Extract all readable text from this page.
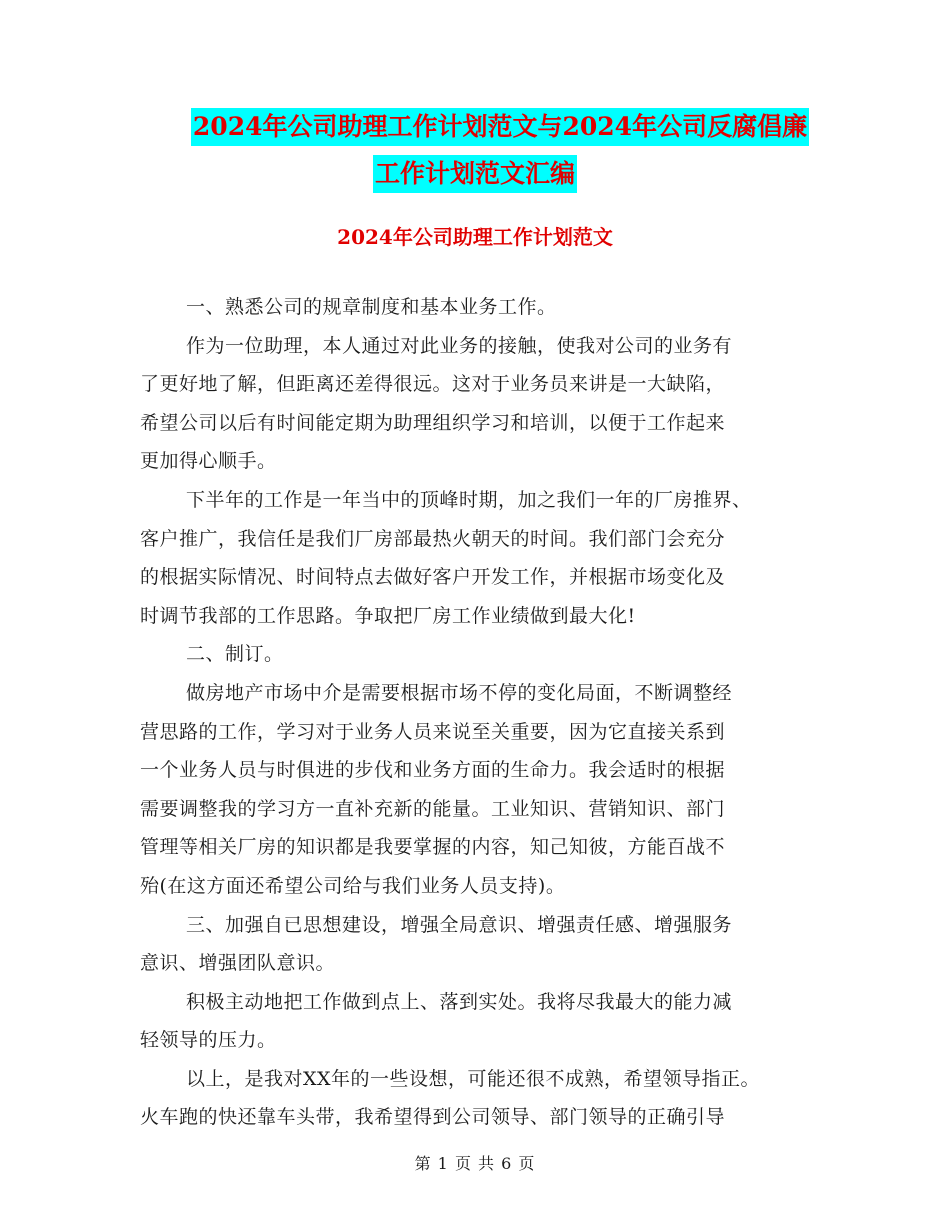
2024年公司助理工作计划范文与2024年公司反腐倡廉
工作计划范文汇编
2024年公司助理工作计划范文
一、熟悉公司的规章制度和基本业务工作。
作为一位助理，本人通过对此业务的接触，使我对公司的业务有
了更好地了解，但距离还差得很远。这对于业务员来讲是一大缺陷，
希望公司以后有时间能定期为助理组织学习和培训，以便于工作起来
更加得心顺手。
下半年的工作是一年当中的顶峰时期，加之我们一年的厂房推界、
客户推广，我信任是我们厂房部最热火朝天的时间。我们部门会充分
的根据实际情况、时间特点去做好客户开发工作，并根据市场变化及
时调节我部的工作思路。争取把厂房工作业绩做到最大化!
二、制订。
做房地产市场中介是需要根据市场不停的变化局面，不断调整经
营思路的工作，学习对于业务人员来说至关重要，因为它直接关系到
一个业务人员与时俱进的步伐和业务方面的生命力。我会适时的根据
需要调整我的学习方一直补充新的能量。工业知识、营销知识、部门
管理等相关厂房的知识都是我要掌握的内容，知己知彼，方能百战不
殆(在这方面还希望公司给与我们业务人员支持)。
三、加强自已思想建设，增强全局意识、增强责任感、增强服务
意识、增强团队意识。
积极主动地把工作做到点上、落到实处。我将尽我最大的能力减
轻领导的压力。
以上，是我对XX年的一些设想，可能还很不成熟，希望领导指正。
火车跑的快还靠车头带，我希望得到公司领导、部门领导的正确引导
第 1 页 共 6 页
